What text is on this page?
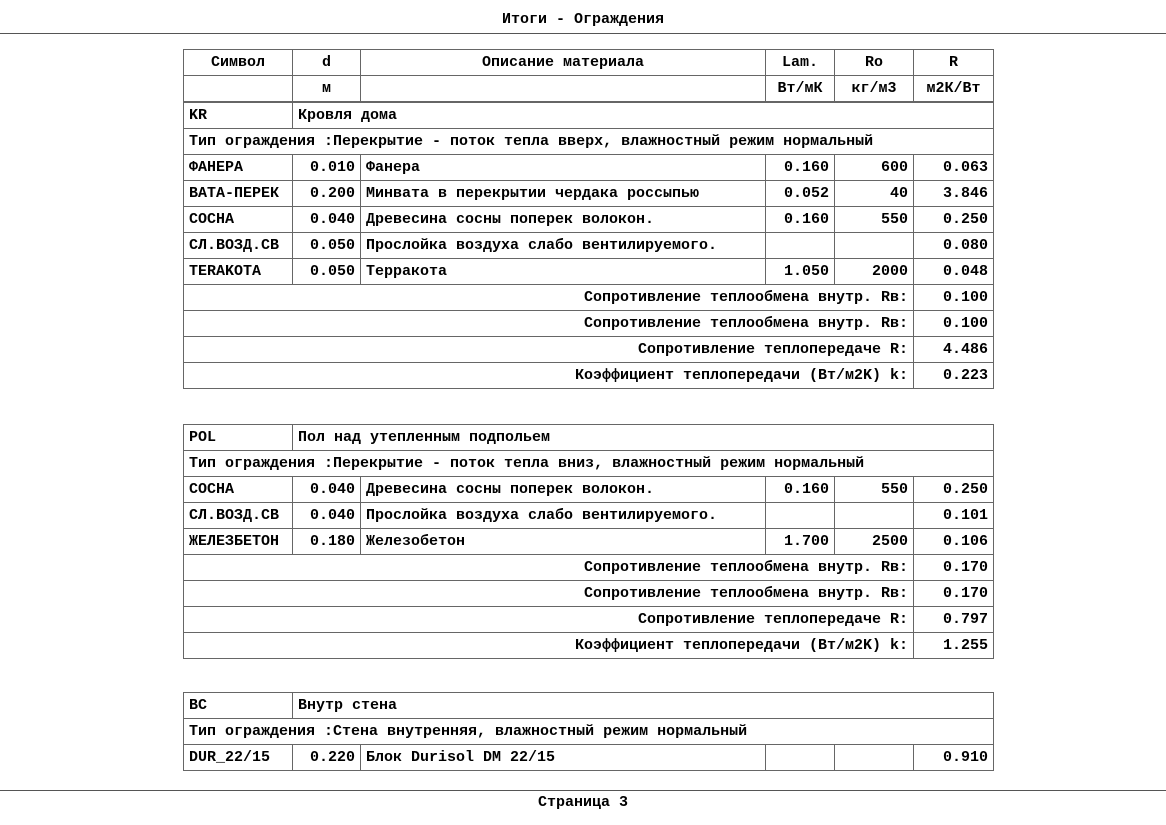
Итоги - Ограждения
Символ	d	Описание материала	Lam.	Ro	R
	м		Вт/мК	кг/м3	м2К/Вт
KR	Кровля дома				
Тип ограждения :Перекрытие - поток тепла вверх, влажностный режим нормальный					
ФАНЕРА	0.010	Фанера	0.160	600	0.063
ВАТА-ПЕРЕК	0.200	Минвата в перекрытии чердака россыпью	0.052	40	3.846
СОСНА	0.040	Древесина сосны поперек волокон.	0.160	550	0.250
СЛ.ВОЗД.СВ	0.050	Прослойка воздуха слабо вентилируемого.			0.080
TERAKOTA	0.050	Терракота	1.050	2000	0.048
Сопротивление теплообмена внутр. Rв:					0.100
Сопротивление теплообмена внутр. Rв:					0.100
Сопротивление теплопередаче R:					4.486
Коэффициент теплопередачи (Вт/м2K) k:					0.223
POL	Пол над утепленным подпольем				
Тип ограждения :Перекрытие - поток тепла вниз, влажностный режим нормальный					
СОСНА	0.040	Древесина сосны поперек волокон.	0.160	550	0.250
СЛ.ВОЗД.СВ	0.040	Прослойка воздуха слабо вентилируемого.			0.101
ЖЕЛЕЗБЕТОН	0.180	Железобетон	1.700	2500	0.106
Сопротивление теплообмена внутр. Rв:					0.170
Сопротивление теплообмена внутр. Rв:					0.170
Сопротивление теплопередаче R:					0.797
Коэффициент теплопередачи (Вт/м2K) k:					1.255
ВС	Внутр стена				
Тип ограждения :Стена внутренняя, влажностный режим нормальный					
DUR_22/15	0.220	Блок Durisol DM 22/15			0.910
Страница 3
